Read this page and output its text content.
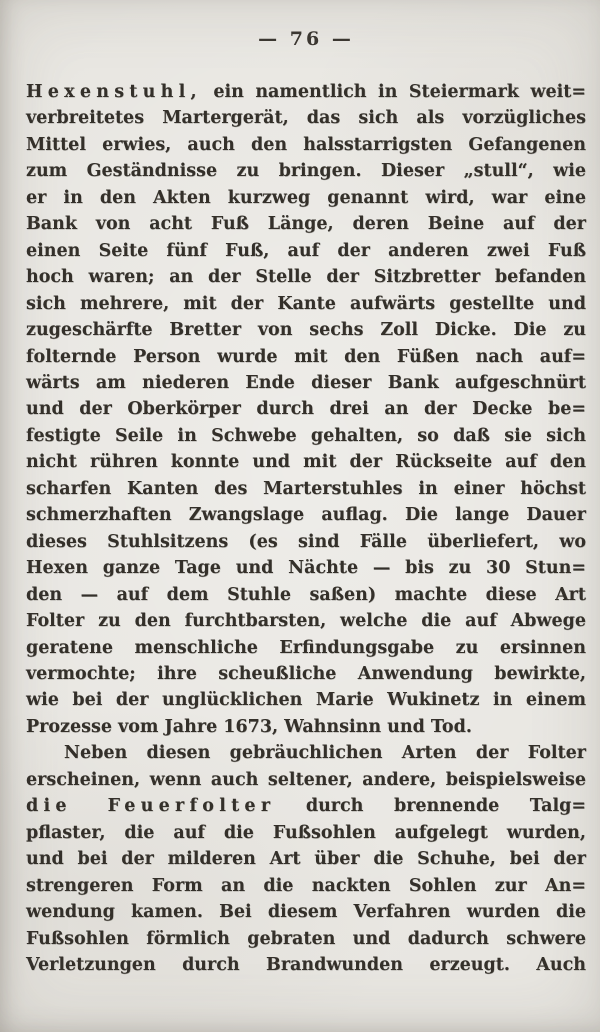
— 76 —
Hexenstuhl, ein namentlich in Steiermark weit=
verbreitetes Martergerät, das sich als vorzügliches
Mittel erwies, auch den halsstarrigsten Gefangenen
zum Geständnisse zu bringen. Dieser „stull“, wie
er in den Akten kurzweg genannt wird, war eine
Bank von acht Fuß Länge, deren Beine auf der
einen Seite fünf Fuß, auf der anderen zwei Fuß
hoch waren; an der Stelle der Sitzbretter befanden
sich mehrere, mit der Kante aufwärts gestellte und
zugeschärfte Bretter von sechs Zoll Dicke. Die zu
folternde Person wurde mit den Füßen nach auf=
wärts am niederen Ende dieser Bank aufgeschnürt
und der Oberkörper durch drei an der Decke be=
festigte Seile in Schwebe gehalten, so daß sie sich
nicht rühren konnte und mit der Rückseite auf den
scharfen Kanten des Marterstuhles in einer höchst
schmerzhaften Zwangslage auflag. Die lange Dauer
dieses Stuhlsitzens (es sind Fälle überliefert, wo
Hexen ganze Tage und Nächte — bis zu 30 Stun=
den — auf dem Stuhle saßen) machte diese Art
Folter zu den furchtbarsten, welche die auf Abwege
geratene menschliche Erfindungsgabe zu ersinnen
vermochte; ihre scheußliche Anwendung bewirkte,
wie bei der unglücklichen Marie Wukinetz in einem
Prozesse vom Jahre 1673, Wahnsinn und Tod.
Neben diesen gebräuchlichen Arten der Folter
erscheinen, wenn auch seltener, andere, beispielsweise
die Feuerfolter durch brennende Talg=
pflaster, die auf die Fußsohlen aufgelegt wurden,
und bei der milderen Art über die Schuhe, bei der
strengeren Form an die nackten Sohlen zur An=
wendung kamen. Bei diesem Verfahren wurden die
Fußsohlen förmlich gebraten und dadurch schwere
Verletzungen durch Brandwunden erzeugt. Auch
